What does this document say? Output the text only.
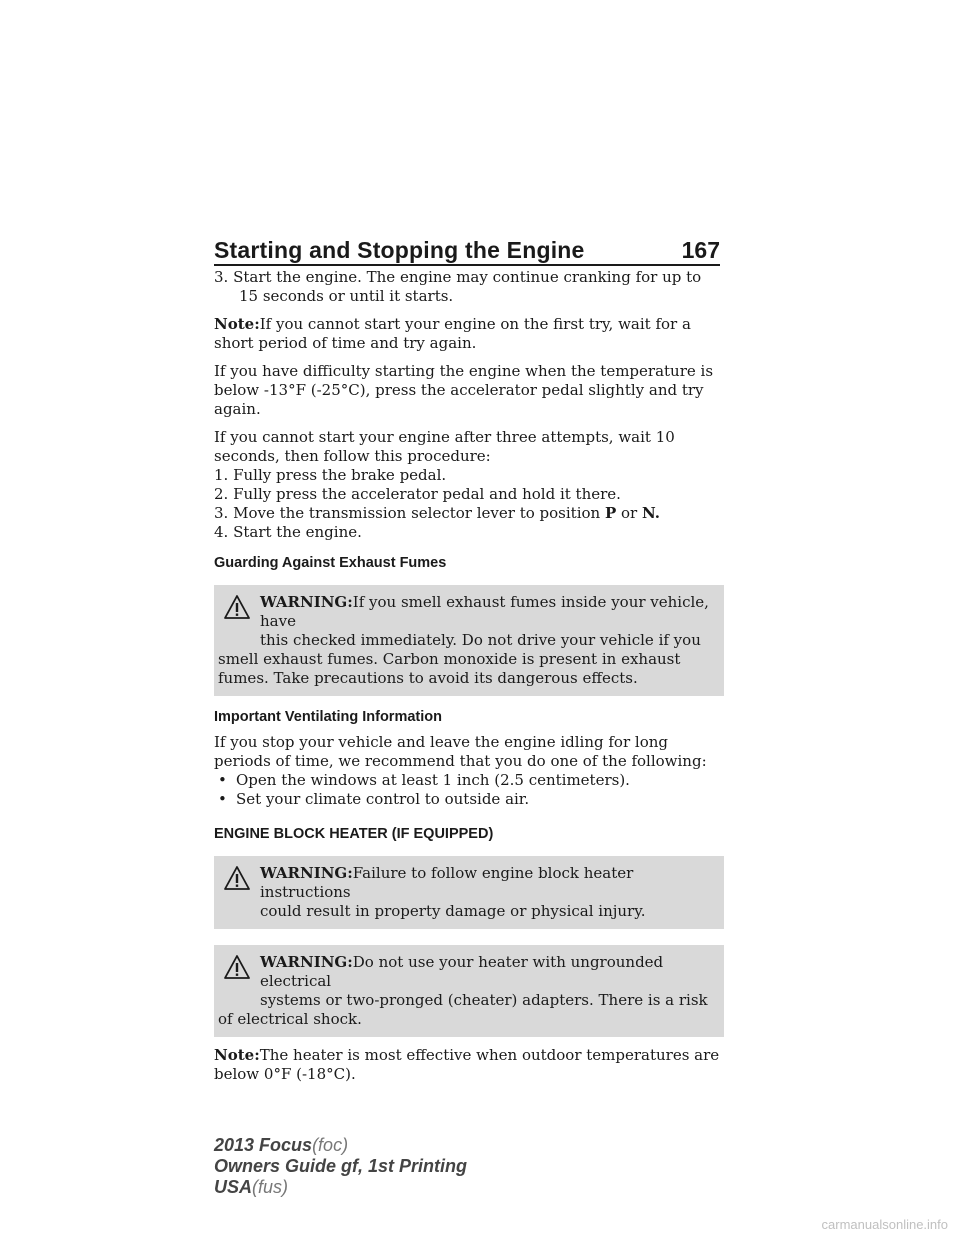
Starting and Stopping the Engine	167

3. Start the engine. The engine may continue cranking for up to

15 seconds or until it starts.

Note:If you cannot start your engine on the first try, wait for a short period of time and try again.

If you have difficulty starting the engine when the temperature is below -13°F (-25°C), press the accelerator pedal slightly and try again.

If you cannot start your engine after three attempts, wait 10 seconds, then follow this procedure:

1. Fully press the brake pedal.

2. Fully press the accelerator pedal and hold it there.

3. Move the transmission selector lever to position P or N.

4. Start the engine.

Guarding Against Exhaust Fumes

WARNING:If you smell exhaust fumes inside your vehicle, have

this checked immediately. Do not drive your vehicle if you smell exhaust fumes. Carbon monoxide is present in exhaust fumes. Take precautions to avoid its dangerous effects.

Important Ventilating Information

If you stop your vehicle and leave the engine idling for long periods of time, we recommend that you do one of the following:

• Open the windows at least 1 inch (2.5 centimeters).

• Set your climate control to outside air.

ENGINE BLOCK HEATER (IF EQUIPPED)

WARNING:Failure to follow engine block heater instructions

could result in property damage or physical injury.

WARNING:Do not use your heater with ungrounded electrical

systems or two-pronged (cheater) adapters. There is a risk of electrical shock.

Note:The heater is most effective when outdoor temperatures are below 0°F (-18°C).

2013 Focus(foc)
Owners Guide gf, 1st Printing
USA(fus)
carmanualsonline.info
